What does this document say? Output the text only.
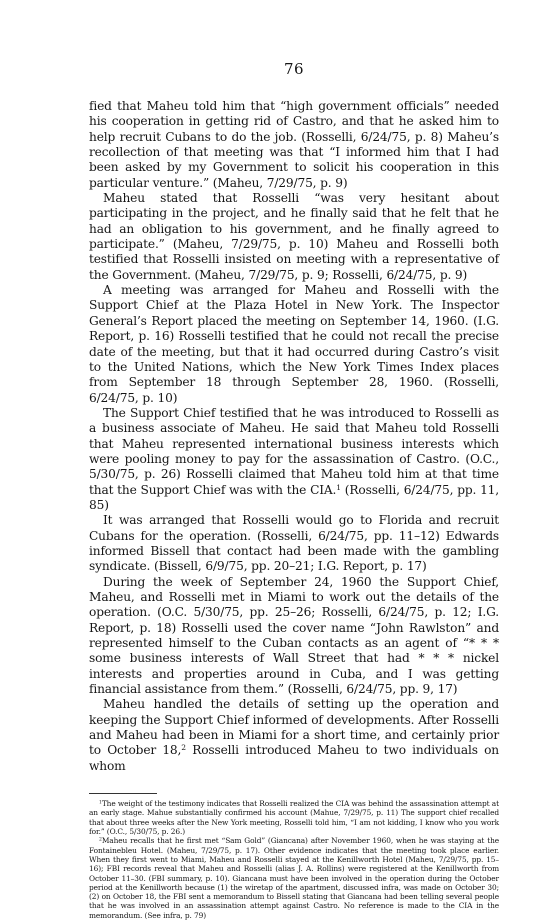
76

fied that Maheu told him that “high government officials” needed his cooperation in getting rid of Castro, and that he asked him to help recruit Cubans to do the job. (Rosselli, 6/24/75, p. 8) Maheu’s recollection of that meeting was that “I informed him that I had been asked by my Government to solicit his cooperation in this particular venture.” (Maheu, 7/29/75, p. 9)

Maheu stated that Rosselli “was very hesitant about participating in the project, and he finally said that he felt that he had an obligation to his government, and he finally agreed to participate.” (Maheu, 7/29/75, p. 10) Maheu and Rosselli both testified that Rosselli insisted on meeting with a representative of the Government. (Maheu, 7/29/75, p. 9; Rosselli, 6/24/75, p. 9)

A meeting was arranged for Maheu and Rosselli with the Support Chief at the Plaza Hotel in New York. The Inspector General’s Report placed the meeting on September 14, 1960. (I.G. Report, p. 16) Rosselli testified that he could not recall the precise date of the meeting, but that it had occurred during Castro’s visit to the United Nations, which the New York Times Index places from September 18 through September 28, 1960. (Rosselli, 6/24/75, p. 10)

The Support Chief testified that he was introduced to Rosselli as a business associate of Maheu. He said that Maheu told Rosselli that Maheu represented international business interests which were pooling money to pay for the assassination of Castro. (O.C., 5/30/75, p. 26) Rosselli claimed that Maheu told him at that time that the Support Chief was with the CIA.$^1$ (Rosselli, 6/24/75, pp. 11, 85)

It was arranged that Rosselli would go to Florida and recruit Cubans for the operation. (Rosselli, 6/24/75, pp. 11–12) Edwards informed Bissell that contact had been made with the gambling syndicate. (Bissell, 6/9/75, pp. 20–21; I.G. Report, p. 17)

During the week of September 24, 1960 the Support Chief, Maheu, and Rosselli met in Miami to work out the details of the operation. (O.C. 5/30/75, pp. 25–26; Rosselli, 6/24/75, p. 12; I.G. Report, p. 18) Rosselli used the cover name “John Rawlston” and represented himself to the Cuban contacts as an agent of “* * * some business interests of Wall Street that had * * * nickel interests and properties around in Cuba, and I was getting financial assistance from them.” (Rosselli, 6/24/75, pp. 9, 17)

Maheu handled the details of setting up the operation and keeping the Support Chief informed of developments. After Rosselli and Maheu had been in Miami for a short time, and certainly prior to October 18,$^2$ Rosselli introduced Maheu to two individuals on whom

$^1$The weight of the testimony indicates that Rosselli realized the CIA was behind the assassination attempt at an early stage. Mahue substantially confirmed his account (Mahue, 7/29/75, p. 11) The support chief recalled that about three weeks after the New York meeting, Rosselli told him, “I am not kidding, I know who you work for.” (O.C., 5/30/75, p. 26.)

$^2$Maheu recalls that he first met “Sam Gold” (Giancana) after November 1960, when he was staying at the Fontainebleu Hotel. (Maheu, 7/29/75, p. 17). Other evidence indicates that the meeting took place earlier. When they first went to Miami, Maheu and Rosselli stayed at the Kenillworth Hotel (Maheu, 7/29/75, pp. 15–16); FBI records reveal that Maheu and Rosselli (alias J. A. Rollins) were registered at the Kenillworth from October 11–30. (FBI summary, p. 10). Giancana must have been involved in the operation during the October period at the Kenillworth because (1) the wiretap of the apartment, discussed infra, was made on October 30; (2) on October 18, the FBI sent a memorandum to Bissell stating that Giancana had been telling several people that he was involved in an assassination attempt against Castro. No reference is made to the CIA in the memorandum. (See infra, p. 79)
